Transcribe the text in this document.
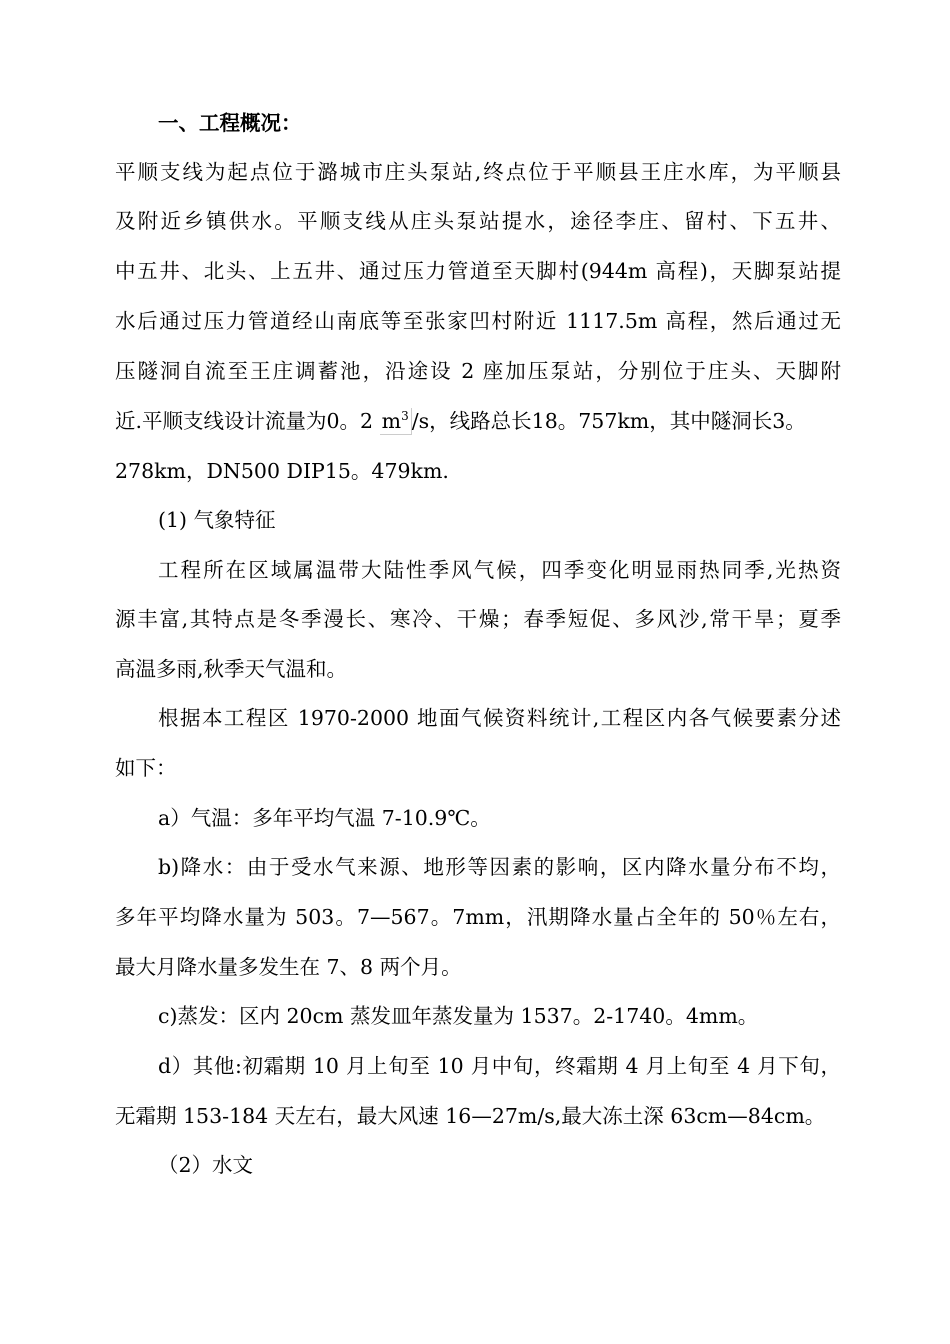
一、工程概况：
平顺支线为起点位于潞城市庄头泵站,终点位于平顺县王庄水库，为平顺县
及附近乡镇供水。平顺支线从庄头泵站提水，途径李庄、留村、下五井、
中五井、北头、上五井、通过压力管道至天脚村(944m 高程)，天脚泵站提
水后通过压力管道经山南底等至张家凹村附近 1117.5m 高程，然后通过无
压隧洞自流至王庄调蓄池，沿途设 2 座加压泵站，分别位于庄头、天脚附
近.平顺支线设计流量为0。2 $m^3$ /s，线路总长18。757km，其中隧洞长3。
278km，DN500 DIP15。479km.
(1) 气象特征
工程所在区域属温带大陆性季风气候，四季变化明显雨热同季,光热资
源丰富,其特点是冬季漫长、寒冷、干燥；春季短促、多风沙,常干旱；夏季
高温多雨,秋季天气温和。
根据本工程区 1970-2000 地面气候资料统计,工程区内各气候要素分述
如下：
a）气温：多年平均气温 7-10.9℃。
b)降水：由于受水气来源、地形等因素的影响，区内降水量分布不均，
多年平均降水量为 503。7—567。7mm，汛期降水量占全年的 50％左右，
最大月降水量多发生在 7、8 两个月。
c)蒸发：区内 20cm 蒸发皿年蒸发量为 1537。2-1740。4mm。
d）其他:初霜期 10 月上旬至 10 月中旬，终霜期 4 月上旬至 4 月下旬，
无霜期 153-184 天左右，最大风速 16—27m/s,最大冻土深 63cm—84cm。
（2）水文
